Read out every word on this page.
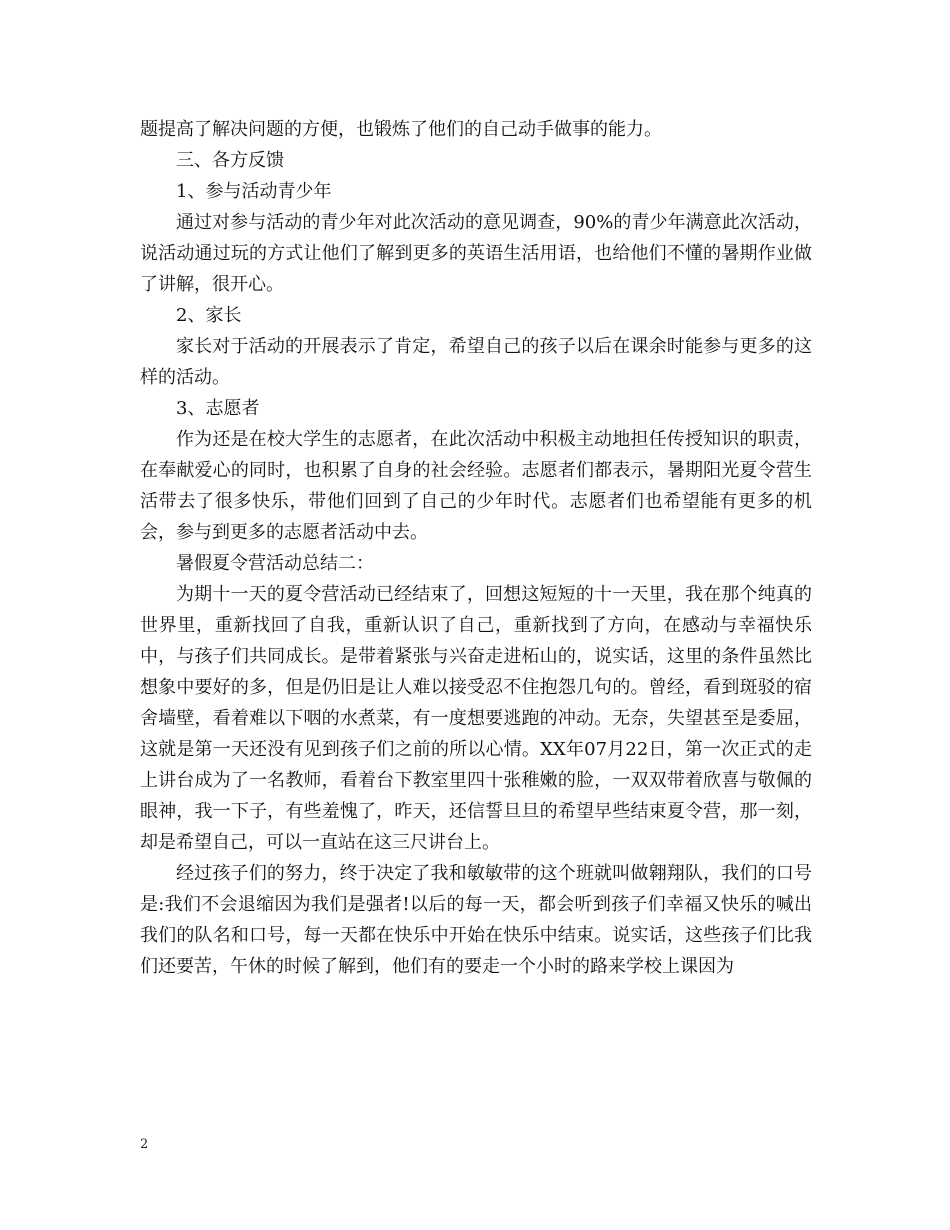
题提高了解决问题的方便，也锻炼了他们的自己动手做事的能力。

三、各方反馈

1、参与活动青少年

通过对参与活动的青少年对此次活动的意见调查，90%的青少年满意此次活动，说活动通过玩的方式让他们了解到更多的英语生活用语，也给他们不懂的暑期作业做了讲解，很开心。

2、家长

家长对于活动的开展表示了肯定，希望自己的孩子以后在课余时能参与更多的这样的活动。

3、志愿者

作为还是在校大学生的志愿者，在此次活动中积极主动地担任传授知识的职责，在奉献爱心的同时，也积累了自身的社会经验。志愿者们都表示，暑期阳光夏令营生活带去了很多快乐，带他们回到了自己的少年时代。志愿者们也希望能有更多的机会，参与到更多的志愿者活动中去。

暑假夏令营活动总结二：

为期十一天的夏令营活动已经结束了，回想这短短的十一天里，我在那个纯真的世界里，重新找回了自我，重新认识了自己，重新找到了方向，在感动与幸福快乐中，与孩子们共同成长。是带着紧张与兴奋走进柘山的，说实话，这里的条件虽然比想象中要好的多，但是仍旧是让人难以接受忍不住抱怨几句的。曾经，看到斑驳的宿舍墙壁，看着难以下咽的水煮菜，有一度想要逃跑的冲动。无奈，失望甚至是委屈，这就是第一天还没有见到孩子们之前的所以心情。XX年07月22日，第一次正式的走上讲台成为了一名教师，看着台下教室里四十张稚嫩的脸，一双双带着欣喜与敬佩的眼神，我一下子，有些羞愧了，昨天，还信誓旦旦的希望早些结束夏令营，那一刻，却是希望自己，可以一直站在这三尺讲台上。

经过孩子们的努力，终于决定了我和敏敏带的这个班就叫做翱翔队，我们的口号是:我们不会退缩因为我们是强者!以后的每一天，都会听到孩子们幸福又快乐的喊出我们的队名和口号，每一天都在快乐中开始在快乐中结束。说实话，这些孩子们比我们还要苦，午休的时候了解到，他们有的要走一个小时的路来学校上课因为

2
